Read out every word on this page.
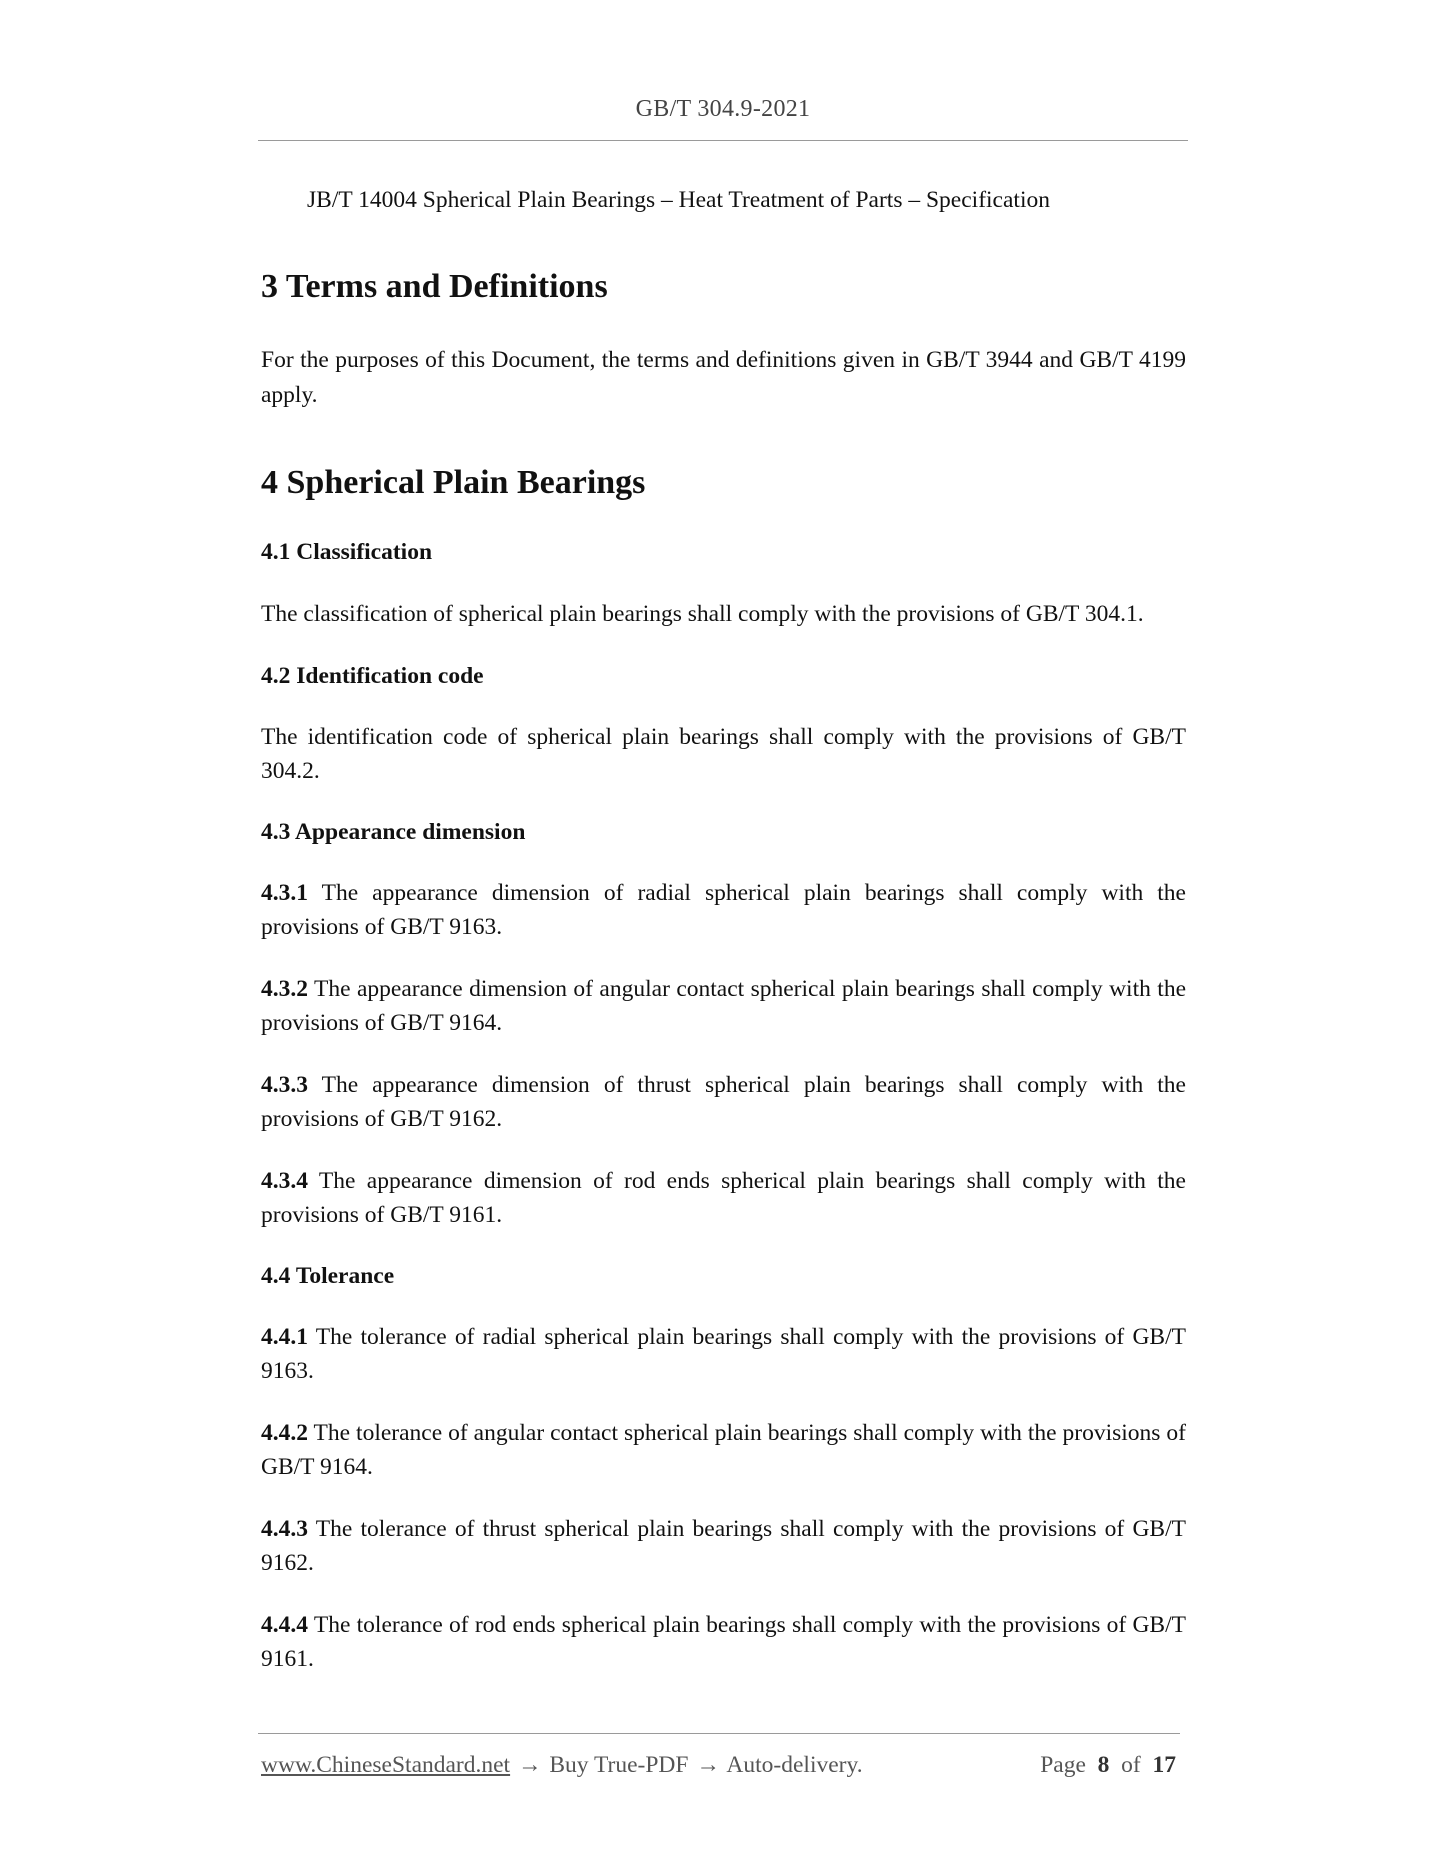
GB/T 304.9-2021

JB/T 14004 Spherical Plain Bearings – Heat Treatment of Parts – Specification

3 Terms and Definitions

For the purposes of this Document, the terms and definitions given in GB/T 3944 and GB/T 4199 apply.

4 Spherical Plain Bearings
4.1 Classification

The classification of spherical plain bearings shall comply with the provisions of GB/T 304.1.

4.2 Identification code

The identification code of spherical plain bearings shall comply with the provisions of GB/T 304.2.

4.3 Appearance dimension

4.3.1 The appearance dimension of radial spherical plain bearings shall comply with the provisions of GB/T 9163.

4.3.2 The appearance dimension of angular contact spherical plain bearings shall comply with the provisions of GB/T 9164.

4.3.3 The appearance dimension of thrust spherical plain bearings shall comply with the provisions of GB/T 9162.

4.3.4 The appearance dimension of rod ends spherical plain bearings shall comply with the provisions of GB/T 9161.

4.4 Tolerance

4.4.1 The tolerance of radial spherical plain bearings shall comply with the provisions of GB/T 9163.

4.4.2 The tolerance of angular contact spherical plain bearings shall comply with the provisions of GB/T 9164.

4.4.3 The tolerance of thrust spherical plain bearings shall comply with the provisions of GB/T 9162.

4.4.4 The tolerance of rod ends spherical plain bearings shall comply with the provisions of GB/T 9161.

www.ChineseStandard.net → Buy True-PDF → Auto-delivery.	Page 8 of 17
